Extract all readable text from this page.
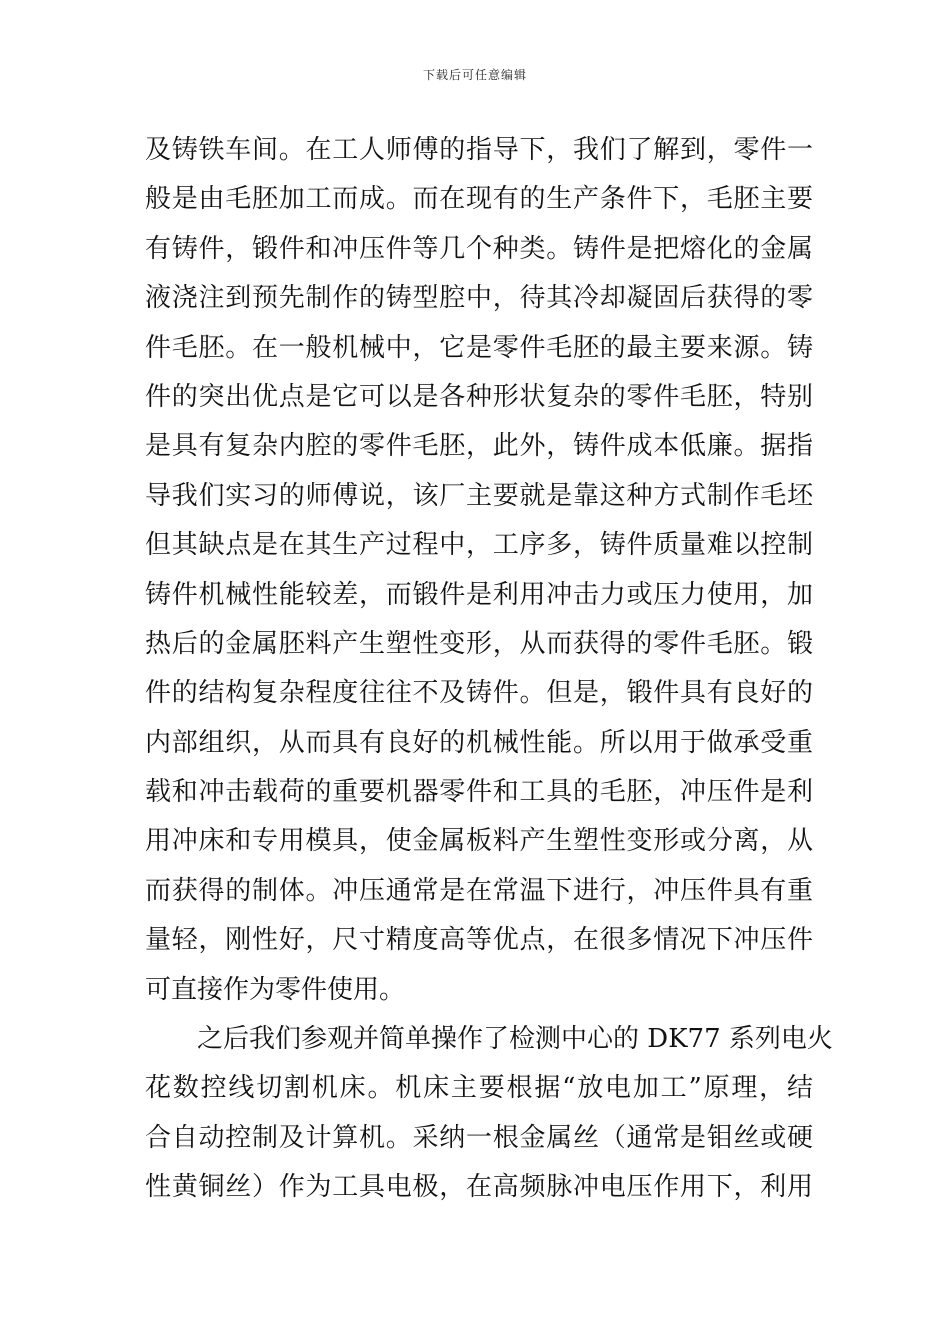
下载后可任意编辑
及铸铁车间。在工人师傅的指导下，我们了解到，零件一
般是由毛胚加工而成。而在现有的生产条件下，毛胚主要
有铸件，锻件和冲压件等几个种类。铸件是把熔化的金属
液浇注到预先制作的铸型腔中，待其冷却凝固后获得的零
件毛胚。在一般机械中，它是零件毛胚的最主要来源。铸
件的突出优点是它可以是各种形状复杂的零件毛胚，特别
是具有复杂内腔的零件毛胚，此外，铸件成本低廉。据指
导我们实习的师傅说，该厂主要就是靠这种方式制作毛坯
但其缺点是在其生产过程中，工序多，铸件质量难以控制
铸件机械性能较差，而锻件是利用冲击力或压力使用，加
热后的金属胚料产生塑性变形，从而获得的零件毛胚。锻
件的结构复杂程度往往不及铸件。但是，锻件具有良好的
内部组织，从而具有良好的机械性能。所以用于做承受重
载和冲击载荷的重要机器零件和工具的毛胚，冲压件是利
用冲床和专用模具，使金属板料产生塑性变形或分离，从
而获得的制体。冲压通常是在常温下进行，冲压件具有重
量轻，刚性好，尺寸精度高等优点，在很多情况下冲压件
可直接作为零件使用。
之后我们参观并简单操作了检测中心的 DK77 系列电火
花数控线切割机床。机床主要根据“放电加工”原理，结
合自动控制及计算机。采纳一根金属丝（通常是钼丝或硬
性黄铜丝）作为工具电极，在高频脉冲电压作用下，利用
